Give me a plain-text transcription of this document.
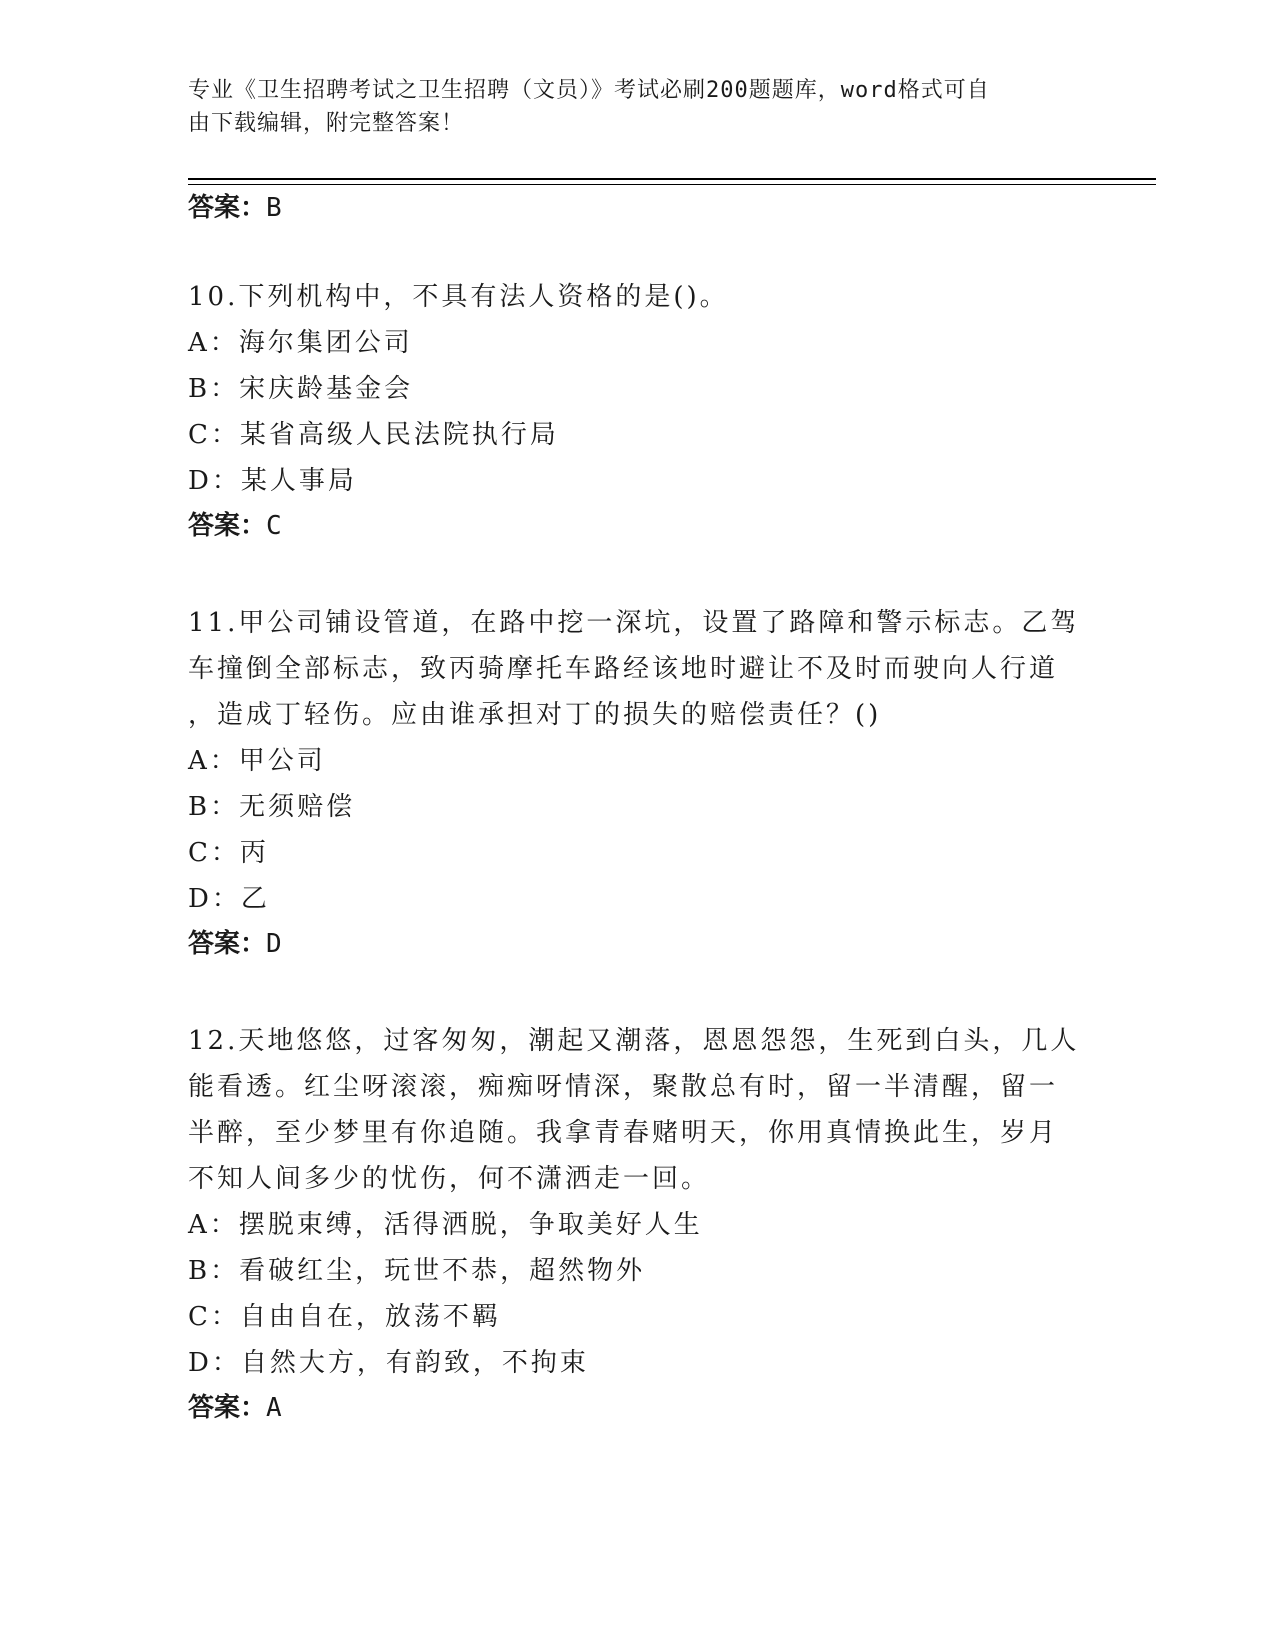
专业《卫生招聘考试之卫生招聘（文员）》考试必刷200题题库，word格式可自
由下载编辑，附完整答案！

答案：B

10.下列机构中，不具有法人资格的是()。

A：海尔集团公司

B：宋庆龄基金会

C：某省高级人民法院执行局

D：某人事局

答案：C

11.甲公司铺设管道，在路中挖一深坑，设置了路障和警示标志。乙驾

车撞倒全部标志，致丙骑摩托车路经该地时避让不及时而驶向人行道

，造成丁轻伤。应由谁承担对丁的损失的赔偿责任？()

A：甲公司

B：无须赔偿

C：丙

D：乙

答案：D

12.天地悠悠，过客匆匆，潮起又潮落，恩恩怨怨，生死到白头，几人

能看透。红尘呀滚滚，痴痴呀情深，聚散总有时，留一半清醒，留一

半醉，至少梦里有你追随。我拿青春赌明天，你用真情换此生，岁月

不知人间多少的忧伤，何不潇洒走一回。

A：摆脱束缚，活得洒脱，争取美好人生

B：看破红尘，玩世不恭，超然物外

C：自由自在，放荡不羁

D：自然大方，有韵致，不拘束

答案：A
